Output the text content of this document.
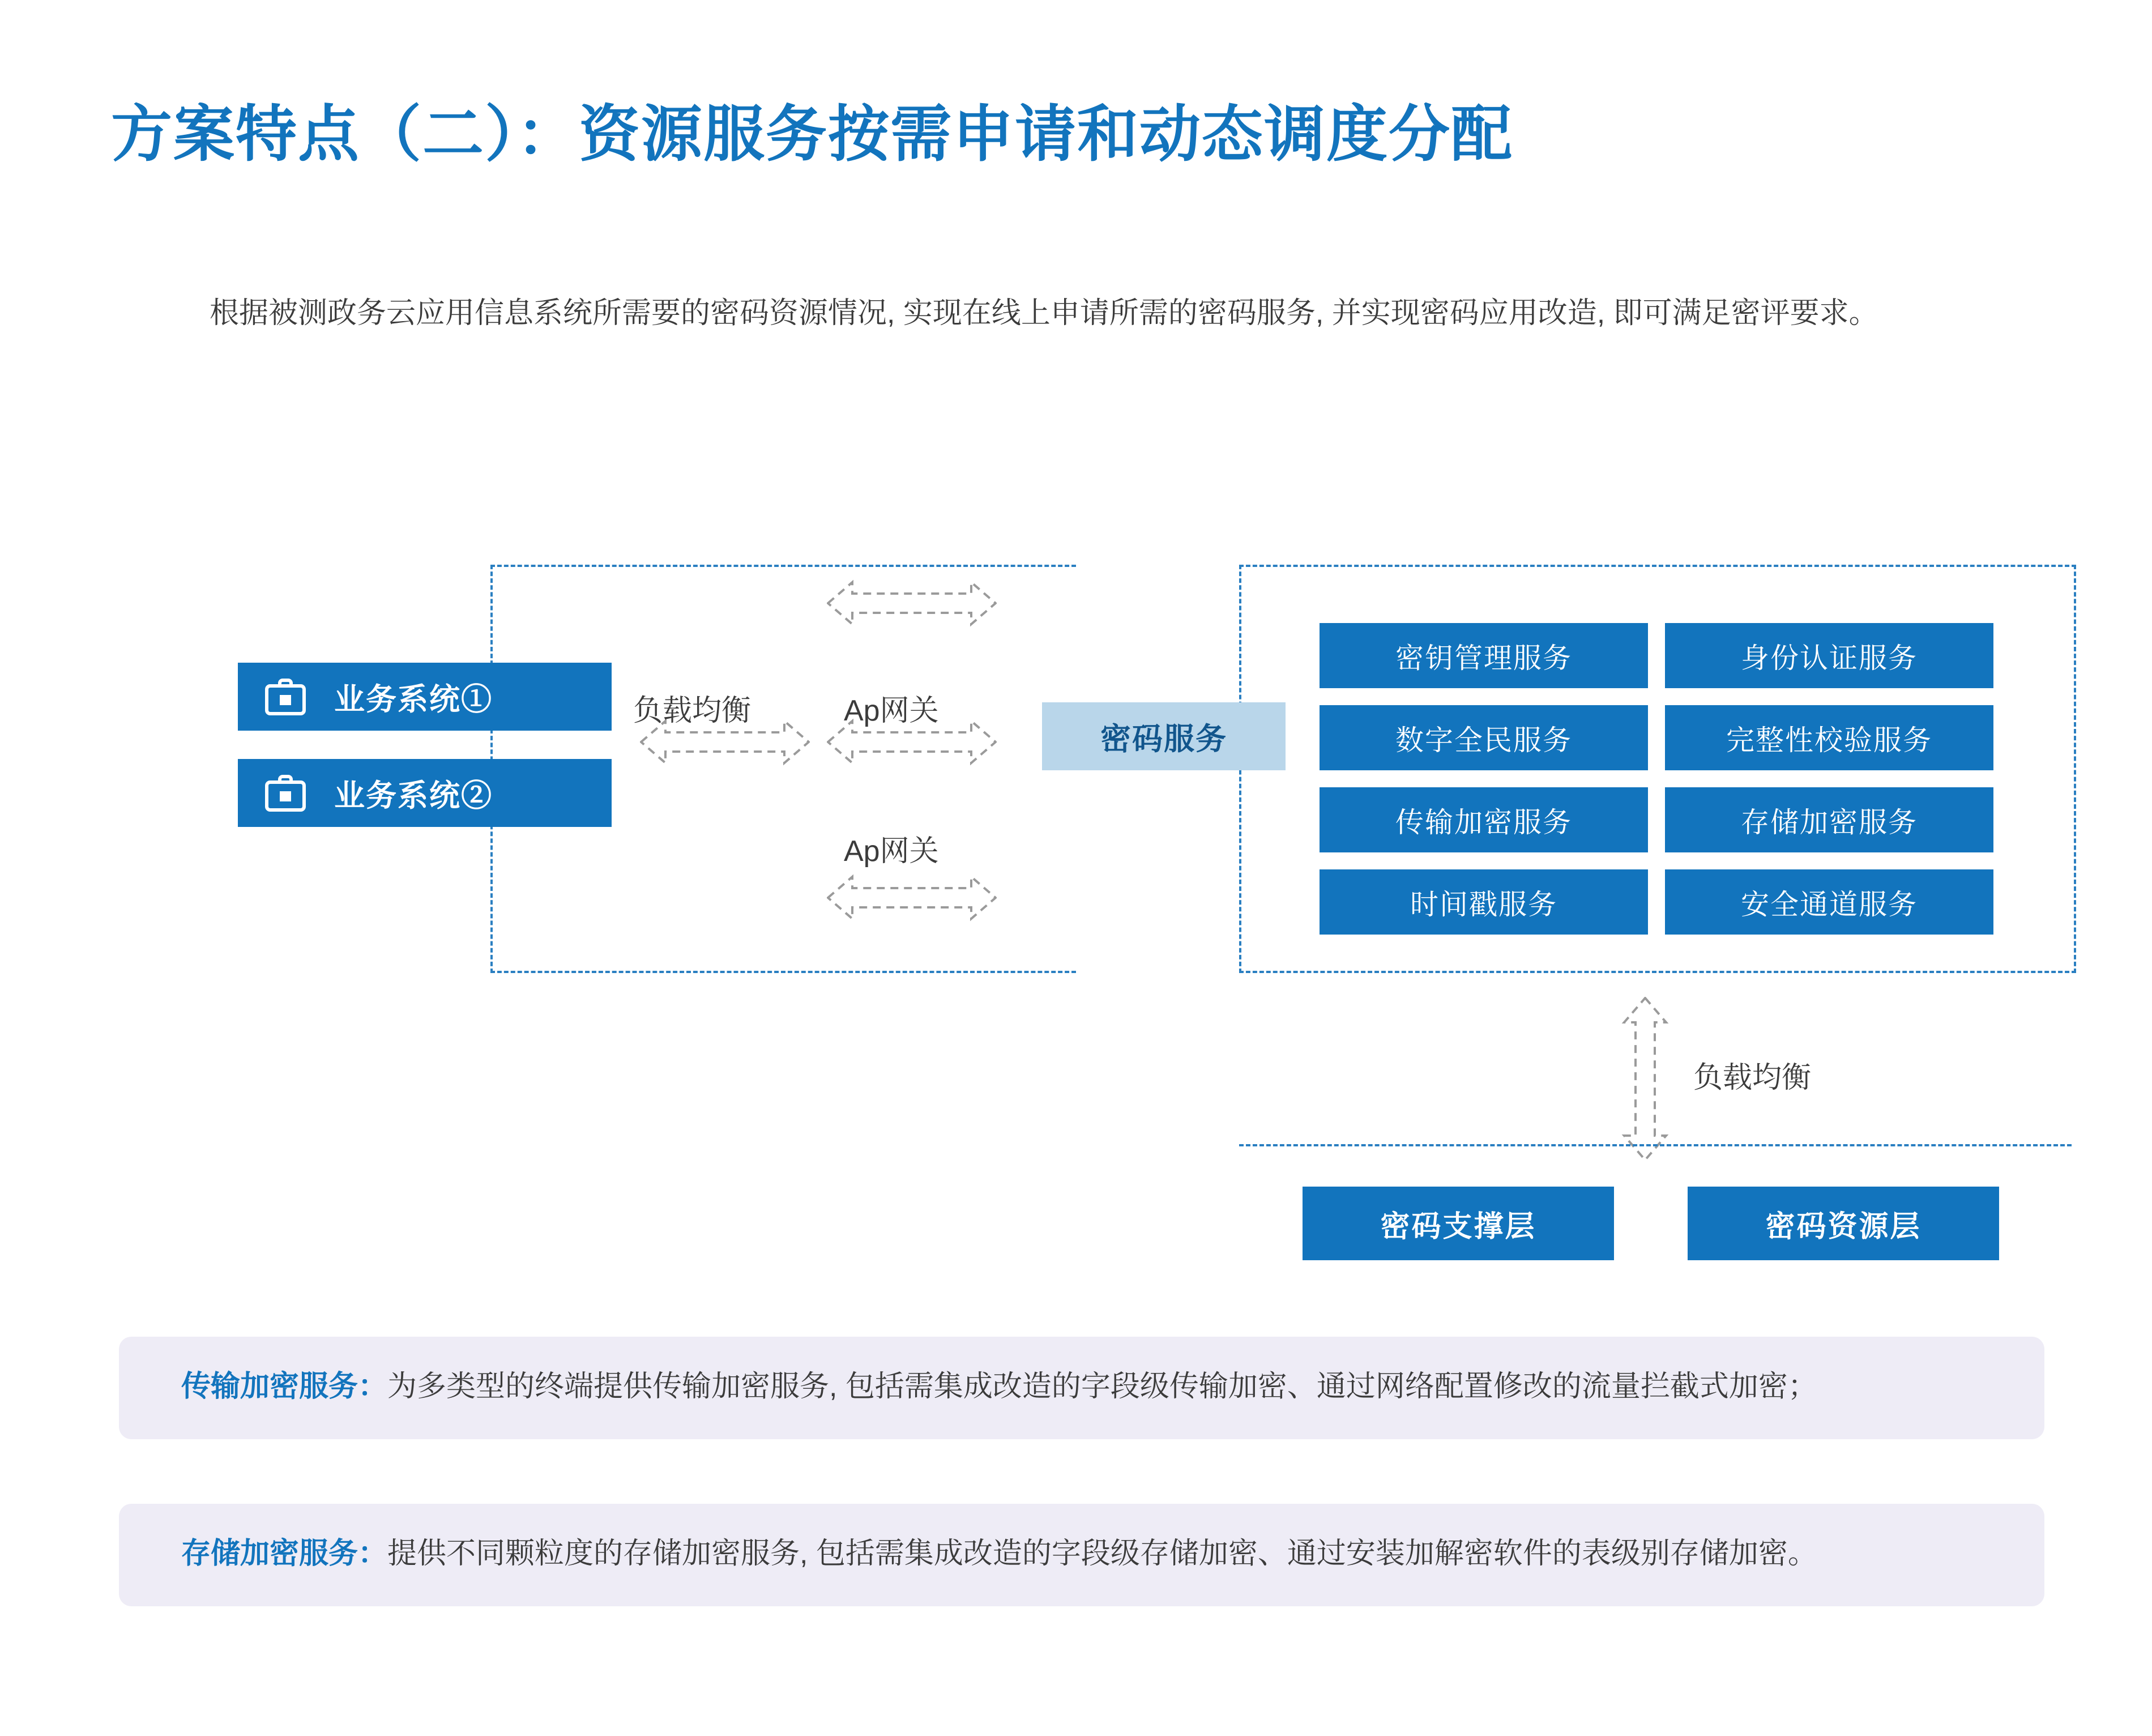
方案特点（二）：资源服务按需申请和动态调度分配
根据被测政务云应用信息系统所需要的密码资源情况, 实现在线上申请所需的密码服务, 并实现密码应用改造, 即可满足密评要求。
业务系统①
业务系统②
负载均衡	Ap网关
Ap网关
密码服务
密钥管理服务	身份认证服务
数字全民服务	完整性校验服务
传输加密服务	存储加密服务
时间戳服务	安全通道服务
负载均衡
密码支撑层	密码资源层
传输加密服务：为多类型的终端提供传输加密服务, 包括需集成改造的字段级传输加密、通过网络配置修改的流量拦截式加密；
存储加密服务：提供不同颗粒度的存储加密服务, 包括需集成改造的字段级存储加密、通过安装加解密软件的表级别存储加密。
